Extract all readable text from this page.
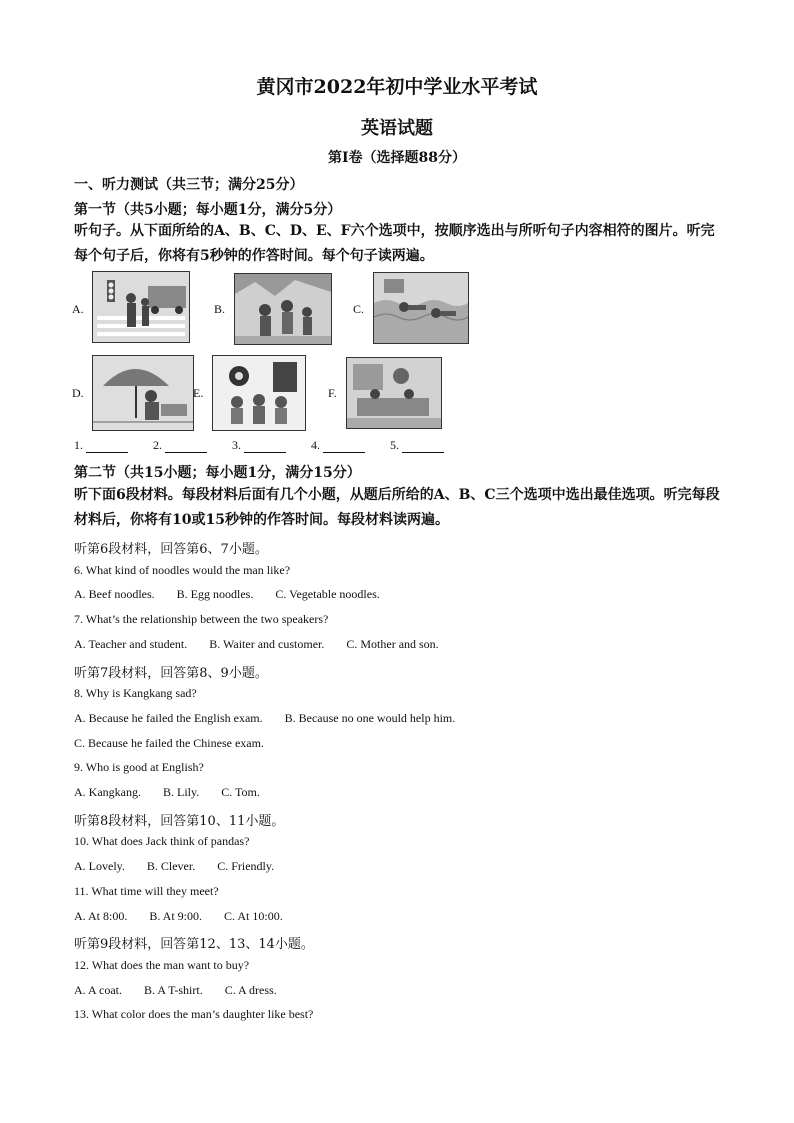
黄冈市2022年初中学业水平考试
英语试题
第Ⅰ卷（选择题88分）
一、听力测试（共三节；满分25分）
第一节（共5小题；每小题1分，满分5分）
听句子。从下面所给的A、B、C、D、E、F六个选项中，按顺序选出与所听句子内容相符的图片。听完每个句子后，你将有5秒钟的作答时间。每个句子读两遍。
A.	B.	C.
D.	E.	F.
1.	2.	3.	4.	5.
第二节（共15小题；每小题1分，满分15分）
听下面6段材料。每段材料后面有几个小题，从题后所给的A、B、C三个选项中选出最佳选项。听完每段材料后，你将有10或15秒钟的作答时间。每段材料读两遍。
听第6段材料，回答第6、7小题。
6. What kind of noodles would the man like?
A. Beef noodles. B. Egg noodles. C. Vegetable noodles.
7. What’s the relationship between the two speakers?
A. Teacher and student. B. Waiter and customer. C. Mother and son.
听第7段材料，回答第8、9小题。
8. Why is Kangkang sad?
A. Because he failed the English exam. B. Because no one would help him.
C. Because he failed the Chinese exam.
9. Who is good at English?
A. Kangkang. B. Lily. C. Tom.
听第8段材料，回答第10、11小题。
10. What does Jack think of pandas?
A. Lovely. B. Clever. C. Friendly.
11. What time will they meet?
A. At 8:00. B. At 9:00. C. At 10:00.
听第9段材料，回答第12、13、14小题。
12. What does the man want to buy?
A. A coat. B. A T-shirt. C. A dress.
13. What color does the man’s daughter like best?
